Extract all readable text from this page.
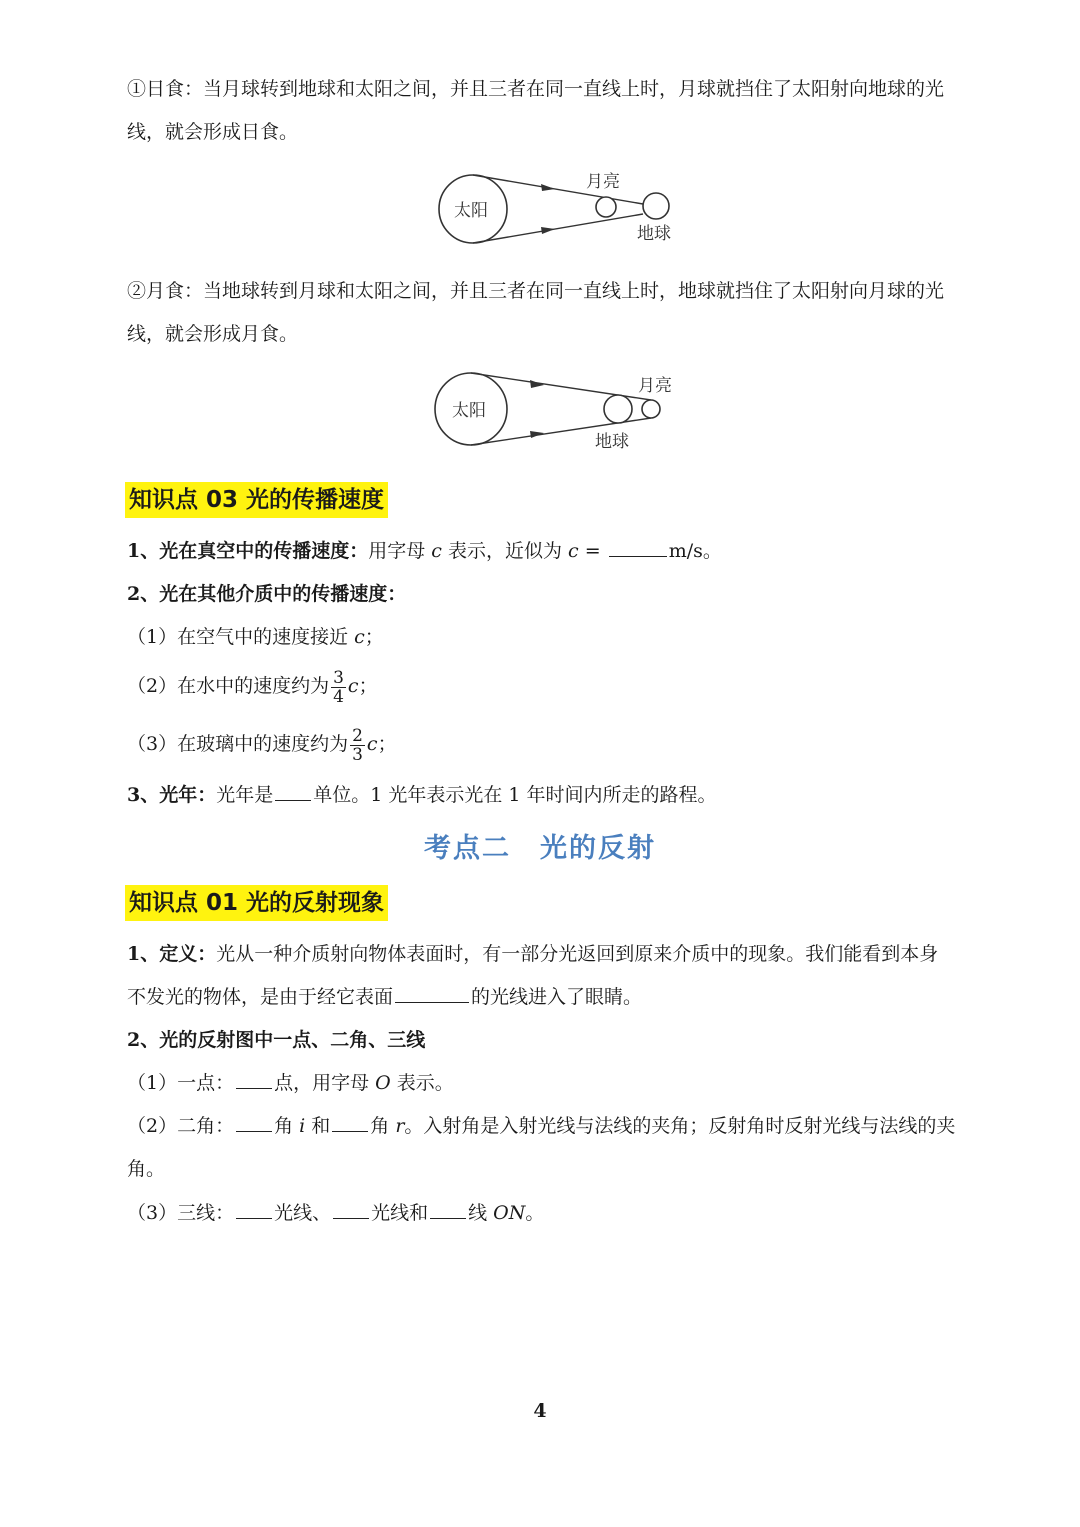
①日食：当月球转到地球和太阳之间，并且三者在同一直线上时，月球就挡住了太阳射向地球的光
线，就会形成日食。
太阳
月亮
地球
②月食：当地球转到月球和太阳之间，并且三者在同一直线上时，地球就挡住了太阳射向月球的光
线，就会形成月食。
太阳
月亮
地球
知识点 03 光的传播速度
1、光在真空中的传播速度：用字母 c 表示，近似为 c =	m/s。
2、光在其他介质中的传播速度：
（1）在空气中的速度接近 c；
（2）在水中的速度约为 $\frac{3}{4}$ c；
（3）在玻璃中的速度约为 $\frac{2}{3}$ c；
3、光年：光年是 单位。1 光年表示光在 1 年时间内所走的路程。
考点二　光的反射
知识点 01 光的反射现象
1、定义：光从一种介质射向物体表面时，有一部分光返回到原来介质中的现象。我们能看到本身
不发光的物体，是由于经它表面	的光线进入了眼睛。
2、光的反射图中一点、二角、三线
（1）一点： 点，用字母 O 表示。
（2）二角： 角 i 和 角 r。入射角是入射光线与法线的夹角；反射角时反射光线与法线的夹
角。
（3）三线： 光线、 光线和 线 ON。
4
